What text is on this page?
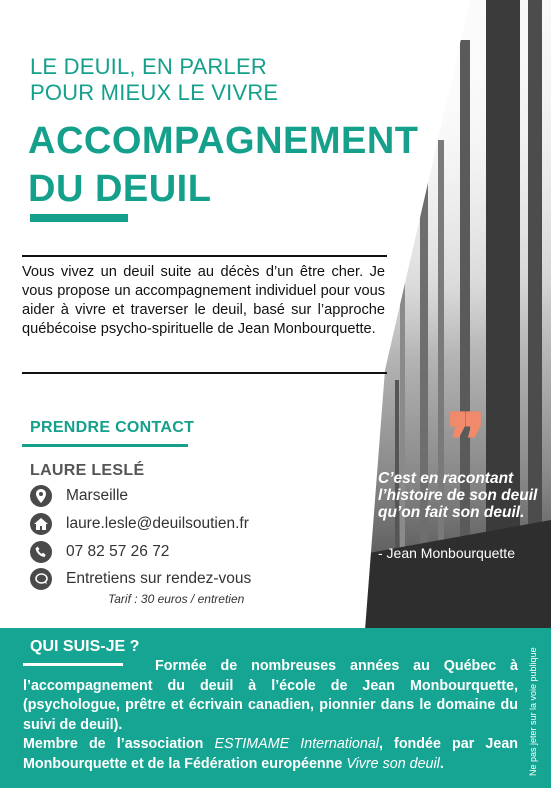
LE DEUIL, EN PARLER
POUR MIEUX LE VIVRE
ACCOMPAGNEMENT
DU DEUIL
Vous vivez un deuil suite au décès d’un être cher. Je vous propose un accompagnement individuel pour vous aider à vivre et traverser le deuil, basé sur l’approche québécoise psycho-spirituelle de Jean Monbourquette.
PRENDRE CONTACT
LAURE LESLÉ
Marseille
laure.lesle@deuilsoutien.fr
07 82 57 26 72
Entretiens sur rendez-vous
Tarif : 30 euros / entretien
❞
C’est en racontant l’histoire de son deuil qu’on fait son deuil.
- Jean Monbourquette
QUI SUIS-JE ?
Formée de nombreuses années au Québec à l’accompagnement du deuil à l’école de Jean Monbourquette, (psychologue, prêtre et écrivain canadien, pionnier dans le domaine du suivi de deuil).
Membre de l’association ESTIMAME International, fondée par Jean Monbourquette et de la Fédération européenne Vivre son deuil.	Ne pas jeter sur la voie publique
